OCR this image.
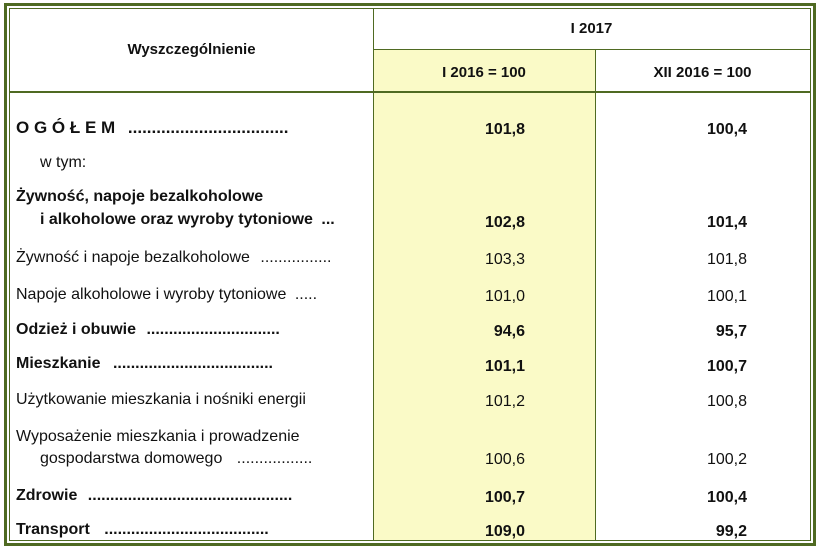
Wyszczególnienie
I 2017
I 2016 = 100	XII 2016 = 100
O G Ó Ł E M ..................................	101,8	100,4
w tym:
Żywność, napoje bezalkoholowe
i alkoholowe oraz wyroby tytoniowe ...	102,8	101,4
Żywność i napoje bezalkoholowe ................	103,3	101,8
Napoje alkoholowe i wyroby tytoniowe .....	101,0	100,1
Odzież i obuwie ..............................	94,6	95,7
Mieszkanie ....................................	101,1	100,7
Użytkowanie mieszkania i nośniki energii	101,2	100,8
Wyposażenie mieszkania i prowadzenie
gospodarstwa domowego .................	100,6	100,2
Zdrowie ..............................................	100,7	100,4
Transport .....................................	109,0	99,2
